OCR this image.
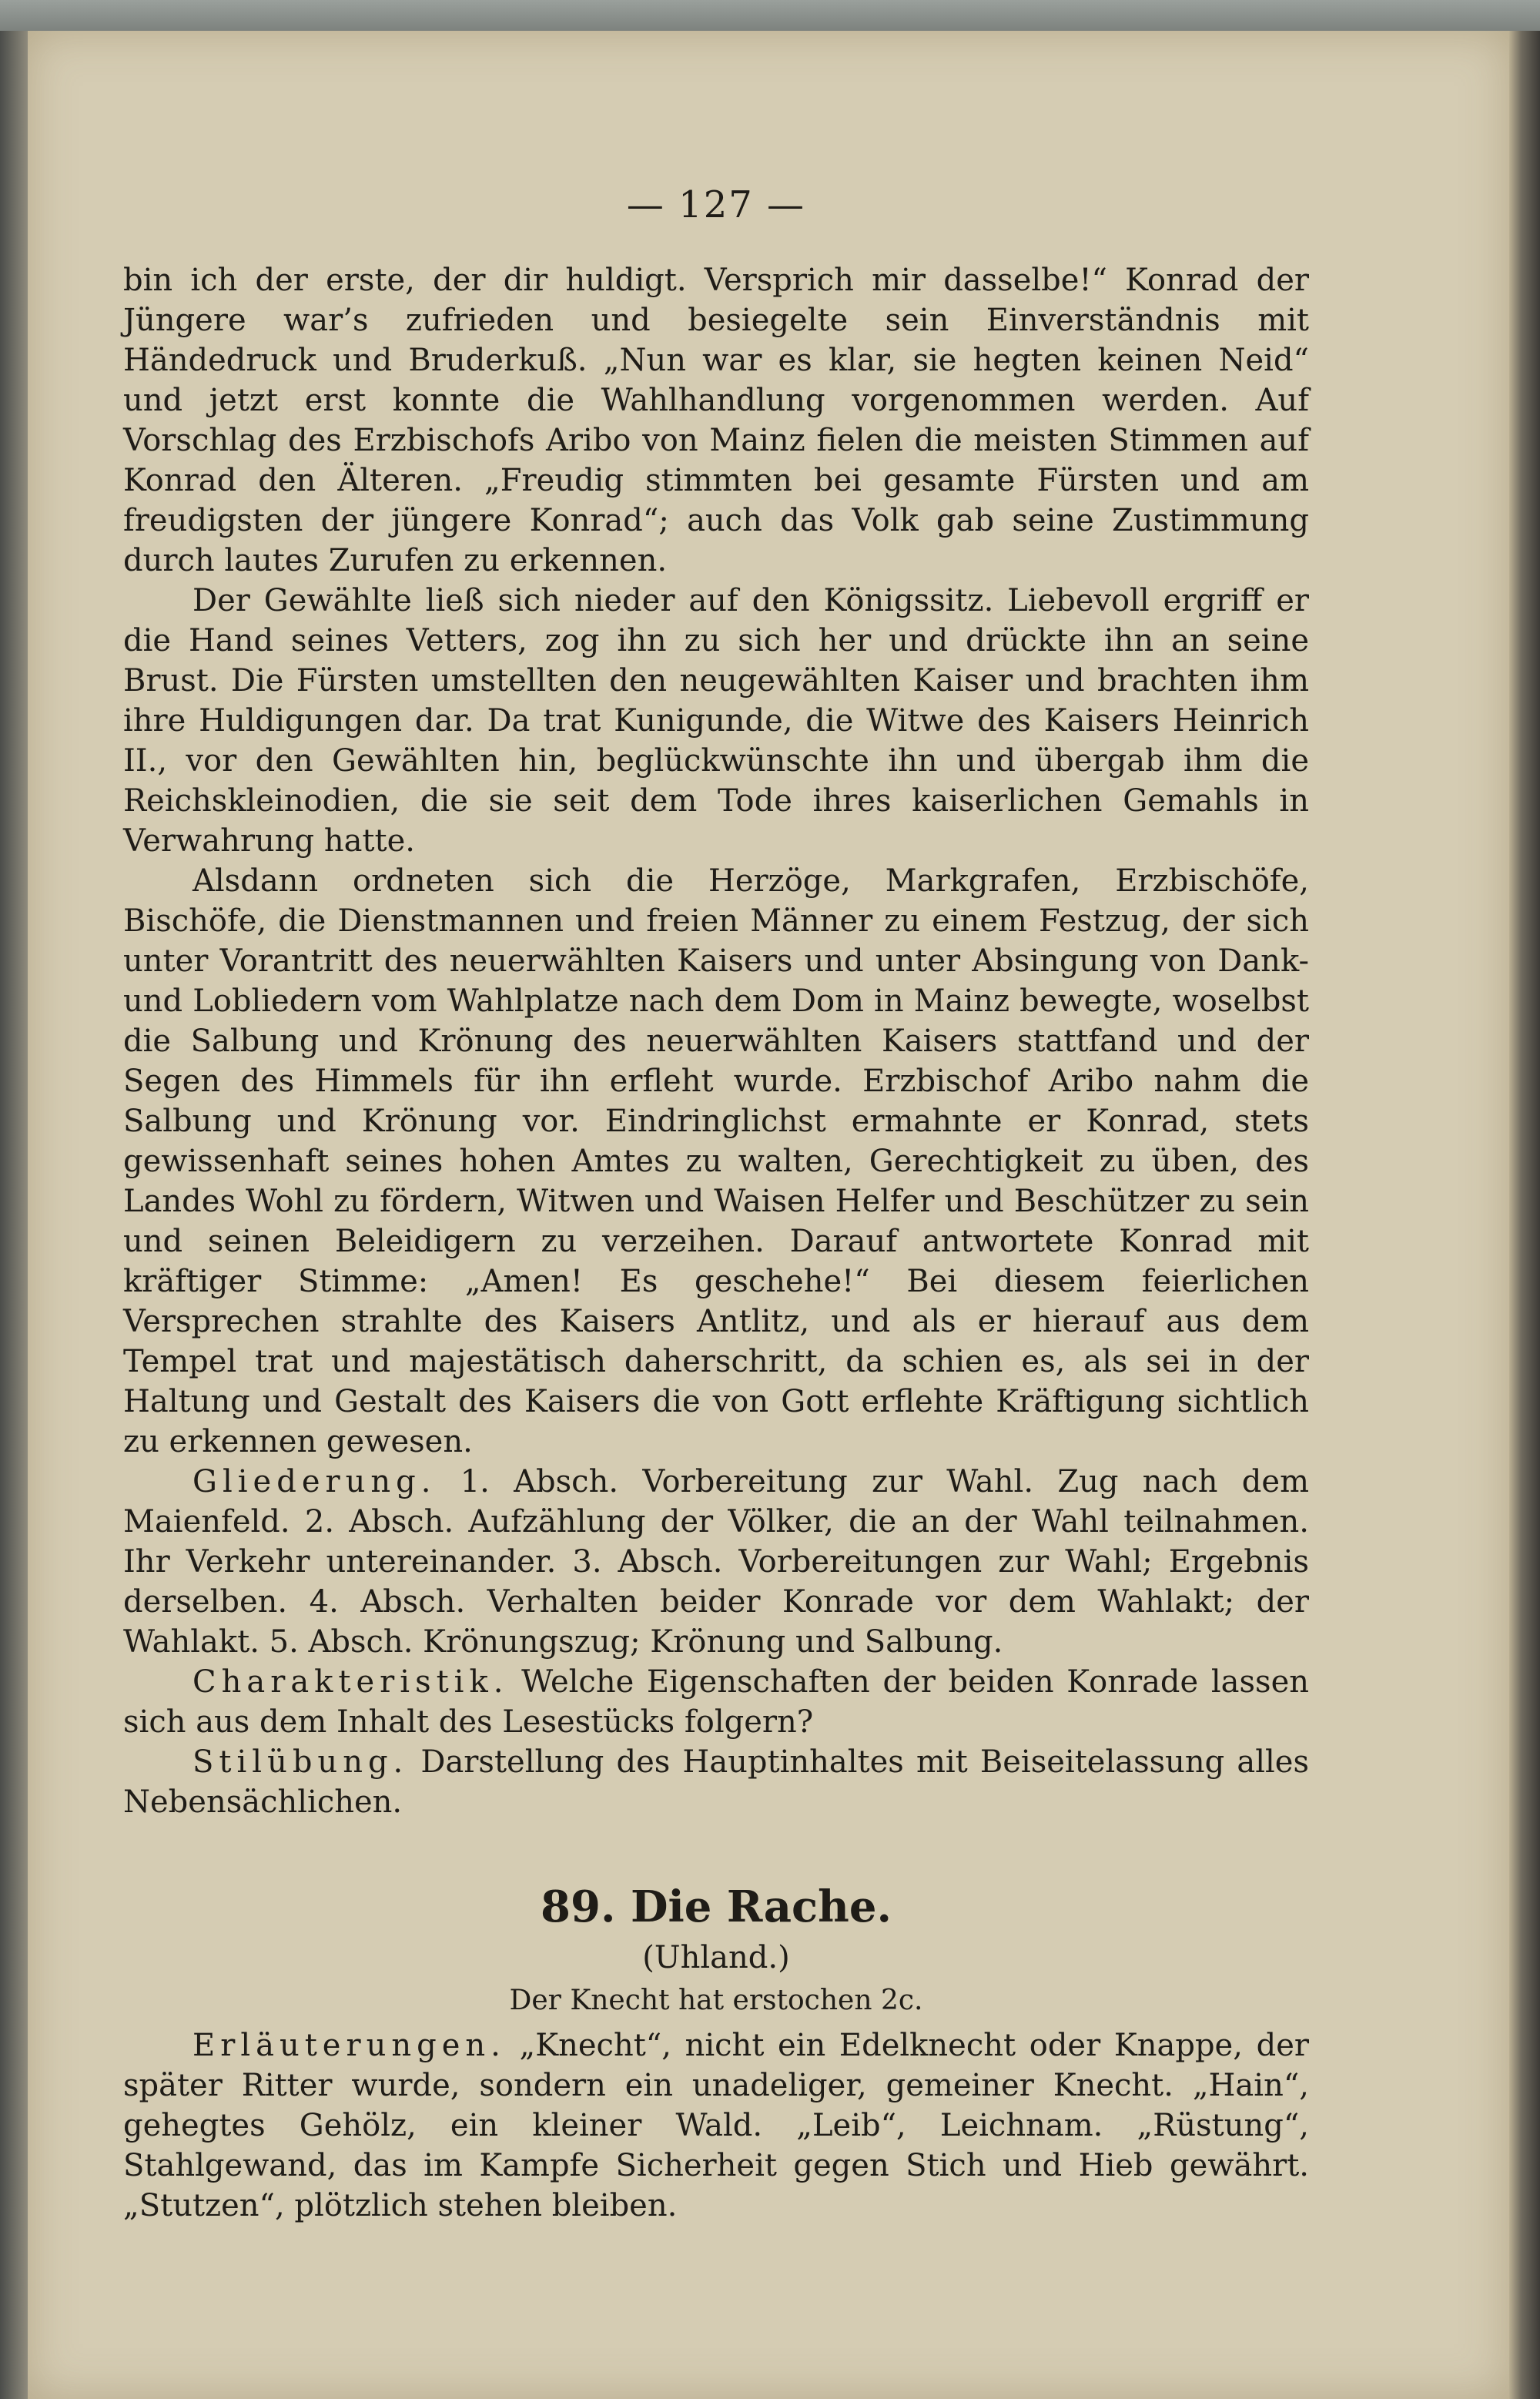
— 127 —

bin ich der erste, der dir huldigt. Versprich mir dasselbe!“ Konrad der Jüngere war’s zufrieden und besiegelte sein Einverständnis mit Händedruck und Bruderkuß. „Nun war es klar, sie hegten keinen Neid“ und jetzt erst konnte die Wahlhandlung vorgenommen werden. Auf Vorschlag des Erzbischofs Aribo von Mainz fielen die meisten Stimmen auf Konrad den Älteren. „Freudig stimmten bei gesamte Fürsten und am freudigsten der jüngere Konrad“; auch das Volk gab seine Zustimmung durch lautes Zurufen zu erkennen.

Der Gewählte ließ sich nieder auf den Königssitz. Liebevoll ergriff er die Hand seines Vetters, zog ihn zu sich her und drückte ihn an seine Brust. Die Fürsten umstellten den neugewählten Kaiser und brachten ihm ihre Huldigungen dar. Da trat Kunigunde, die Witwe des Kaisers Heinrich II., vor den Gewählten hin, beglückwünschte ihn und übergab ihm die Reichskleinodien, die sie seit dem Tode ihres kaiserlichen Gemahls in Verwahrung hatte.

Alsdann ordneten sich die Herzöge, Markgrafen, Erzbischöfe, Bischöfe, die Dienstmannen und freien Männer zu einem Festzug, der sich unter Vorantritt des neuerwählten Kaisers und unter Absingung von Dank- und Lobliedern vom Wahlplatze nach dem Dom in Mainz bewegte, woselbst die Salbung und Krönung des neuerwählten Kaisers stattfand und der Segen des Himmels für ihn erfleht wurde. Erzbischof Aribo nahm die Salbung und Krönung vor. Eindringlichst ermahnte er Konrad, stets gewissenhaft seines hohen Amtes zu walten, Gerechtigkeit zu üben, des Landes Wohl zu fördern, Witwen und Waisen Helfer und Beschützer zu sein und seinen Beleidigern zu verzeihen. Darauf antwortete Konrad mit kräftiger Stimme: „Amen! Es geschehe!“ Bei diesem feierlichen Versprechen strahlte des Kaisers Antlitz, und als er hierauf aus dem Tempel trat und majestätisch daherschritt, da schien es, als sei in der Haltung und Gestalt des Kaisers die von Gott erflehte Kräftigung sichtlich zu erkennen gewesen.

Gliederung. 1. Absch. Vorbereitung zur Wahl. Zug nach dem Maienfeld. 2. Absch. Aufzählung der Völker, die an der Wahl teilnahmen. Ihr Verkehr untereinander. 3. Absch. Vorbereitungen zur Wahl; Ergebnis derselben. 4. Absch. Verhalten beider Konrade vor dem Wahlakt; der Wahlakt. 5. Absch. Krönungszug; Krönung und Salbung.

Charakteristik. Welche Eigenschaften der beiden Konrade lassen sich aus dem Inhalt des Lesestücks folgern?

Stilübung. Darstellung des Hauptinhaltes mit Beiseitelassung alles Nebensächlichen.

89. Die Rache.
(Uhland.)
Der Knecht hat erstochen 2c.

Erläuterungen. „Knecht“, nicht ein Edelknecht oder Knappe, der später Ritter wurde, sondern ein unadeliger, gemeiner Knecht. „Hain“, gehegtes Gehölz, ein kleiner Wald. „Leib“, Leichnam. „Rüstung“, Stahlgewand, das im Kampfe Sicherheit gegen Stich und Hieb gewährt. „Stutzen“, plötzlich stehen bleiben.
